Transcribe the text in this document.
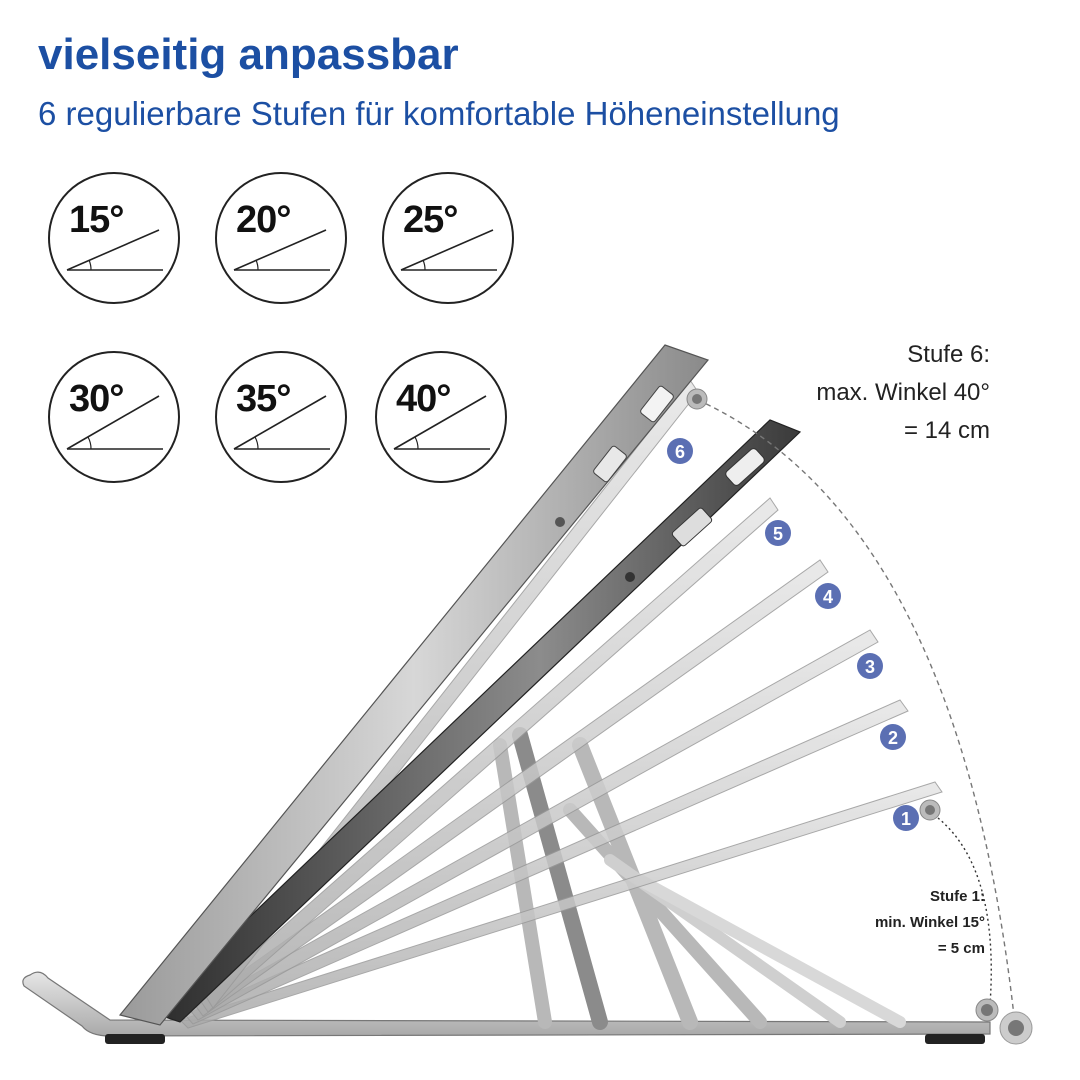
vielseitig anpassbar

6 regulierbare Stufen für komfortable Höheneinstellung

15°	20°	25°
30°	35°	40°
1
2
3
4
5
6
Stufe 6:
max. Winkel 40°
= 14 cm
Stufe 1:
min. Winkel 15°
= 5 cm
